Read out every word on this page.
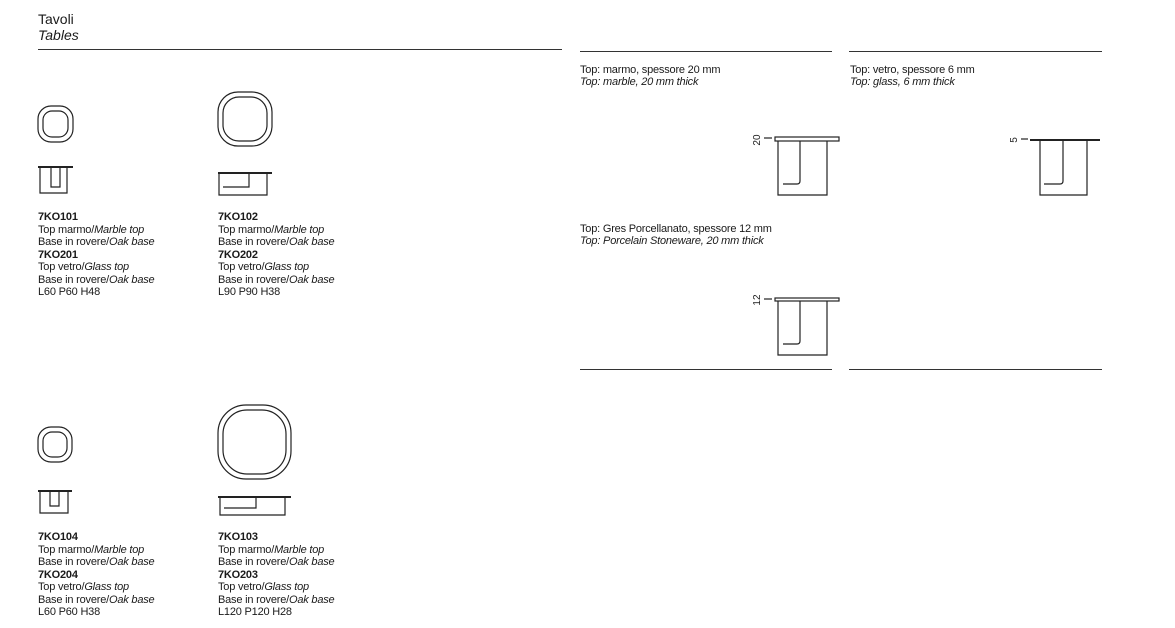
Tavoli
Tables
7KO101
Top marmo/Marble top
Base in rovere/Oak base
7KO201
Top vetro/Glass top
Base in rovere/Oak base
L60 P60 H48
7KO102
Top marmo/Marble top
Base in rovere/Oak base
7KO202
Top vetro/Glass top
Base in rovere/Oak base
L90 P90 H38
7KO104
Top marmo/Marble top
Base in rovere/Oak base
7KO204
Top vetro/Glass top
Base in rovere/Oak base
L60 P60 H38
7KO103
Top marmo/Marble top
Base in rovere/Oak base
7KO203
Top vetro/Glass top
Base in rovere/Oak base
L120 P120 H28
Top: marmo, spessore 20 mm
Top: marble, 20 mm thick
Top: vetro, spessore 6 mm
Top: glass, 6 mm thick
Top: Gres Porcellanato, spessore 12 mm
Top: Porcelain Stoneware, 20 mm thick
20	5
12
